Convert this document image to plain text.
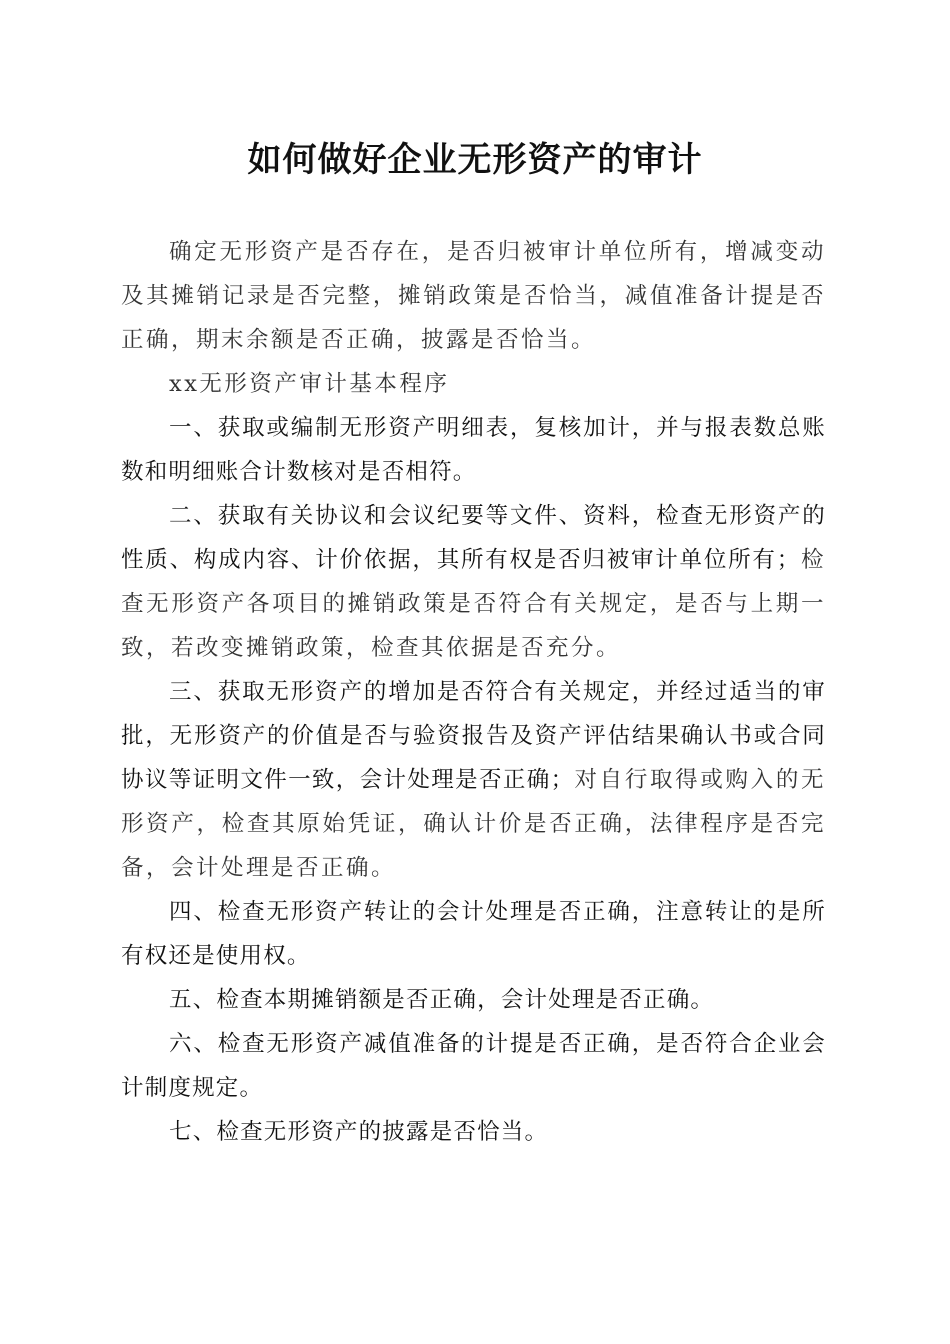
如何做好企业无形资产的审计

确定无形资产是否存在，是否归被审计单位所有，增减变动及其摊销记录是否完整，摊销政策是否恰当，减值准备计提是否正确，期末余额是否正确，披露是否恰当。

xx无形资产审计基本程序

一、获取或编制无形资产明细表，复核加计，并与报表数总账数和明细账合计数核对是否相符。

二、获取有关协议和会议纪要等文件、资料，检查无形资产的性质、构成内容、计价依据，其所有权是否归被审计单位所有；检查无形资产各项目的摊销政策是否符合有关规定，是否与上期一致，若改变摊销政策，检查其依据是否充分。

三、获取无形资产的增加是否符合有关规定，并经过适当的审批，无形资产的价值是否与验资报告及资产评估结果确认书或合同协议等证明文件一致，会计处理是否正确；对自行取得或购入的无形资产，检查其原始凭证，确认计价是否正确，法律程序是否完备，会计处理是否正确。

四、检查无形资产转让的会计处理是否正确，注意转让的是所有权还是使用权。

五、检查本期摊销额是否正确，会计处理是否正确。

六、检查无形资产减值准备的计提是否正确，是否符合企业会计制度规定。

七、检查无形资产的披露是否恰当。
